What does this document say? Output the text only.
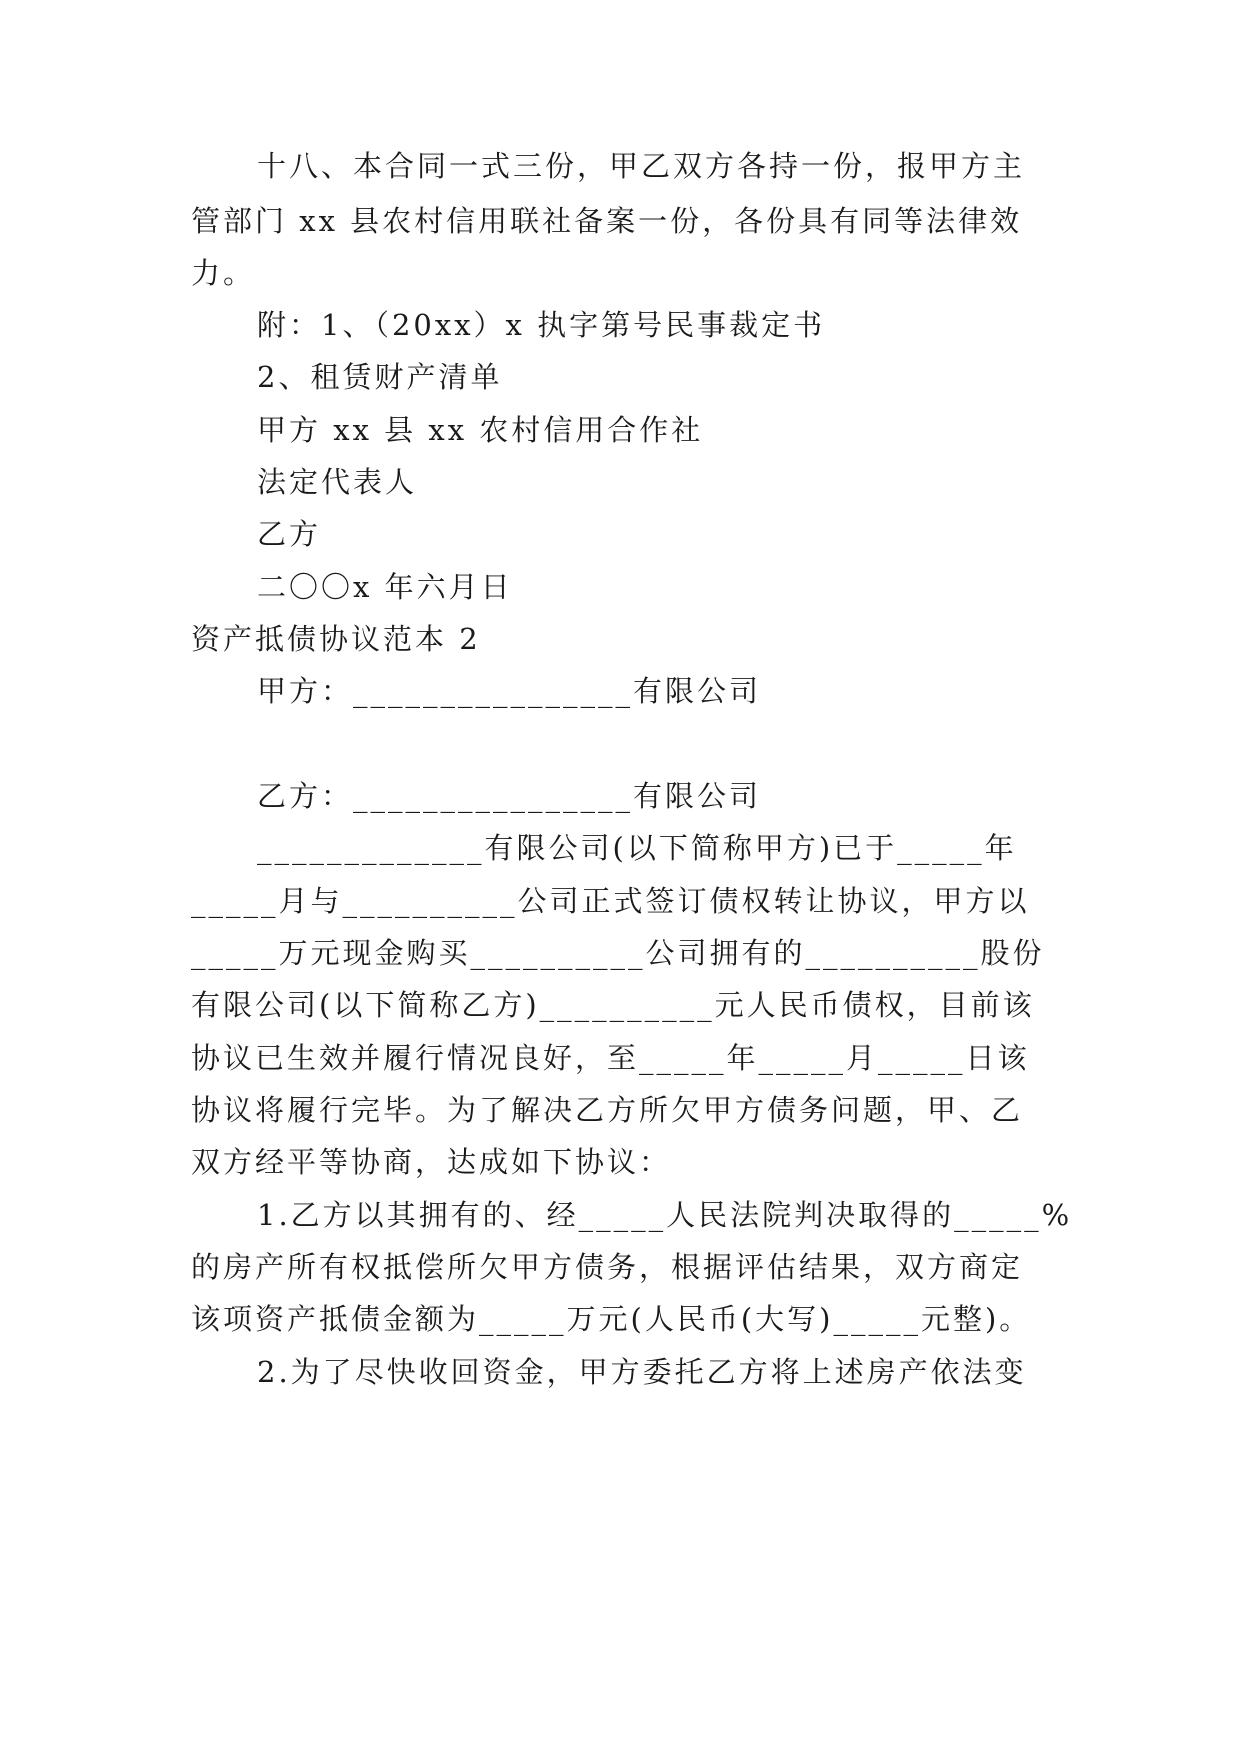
十八、本合同一式三份，甲乙双方各持一份，报甲方主
管部门 xx 县农村信用联社备案一份，各份具有同等法律效
力。
附：1、（20xx）x 执字第号民事裁定书
2、租赁财产清单
甲方 xx 县 xx 农村信用合作社
法定代表人
乙方
二〇〇x 年六月日
资产抵债协议范本 2
甲方：________________有限公司
乙方：________________有限公司
_____________有限公司(以下简称甲方)已于_____年
_____月与__________公司正式签订债权转让协议，甲方以
_____万元现金购买__________公司拥有的__________股份
有限公司(以下简称乙方)__________元人民币债权，目前该
协议已生效并履行情况良好，至_____年_____月_____日该
协议将履行完毕。为了解决乙方所欠甲方债务问题，甲、乙
双方经平等协商，达成如下协议：
1.乙方以其拥有的、经_____人民法院判决取得的_____%
的房产所有权抵偿所欠甲方债务，根据评估结果，双方商定
该项资产抵债金额为_____万元(人民币(大写)_____元整)。
2.为了尽快收回资金，甲方委托乙方将上述房产依法变
